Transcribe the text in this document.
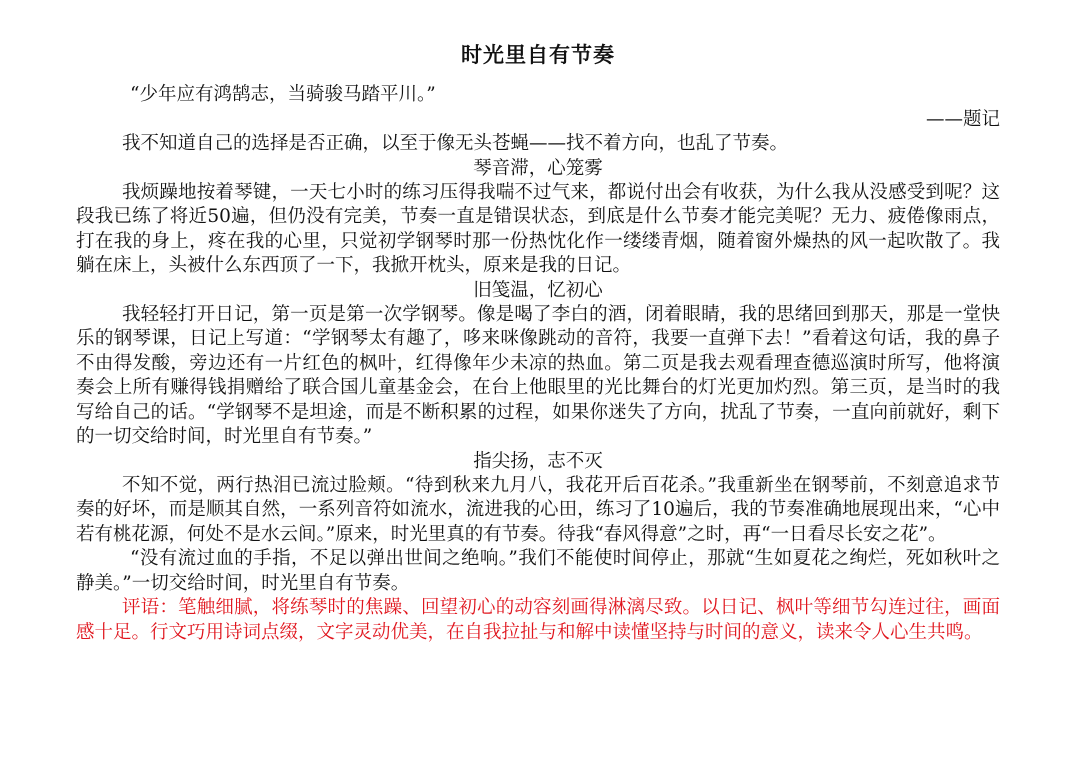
时光里自有节奏

“少年应有鸿鹄志，当骑骏马踏平川。”

——题记

我不知道自己的选择是否正确，以至于像无头苍蝇——找不着方向，也乱了节奏。

琴音滞，心笼雾

我烦躁地按着琴键，一天七小时的练习压得我喘不过气来，都说付出会有收获，为什么我从没感受到呢？这段我已练了将近50遍，但仍没有完美，节奏一直是错误状态，到底是什么节奏才能完美呢？无力、疲倦像雨点，打在我的身上，疼在我的心里，只觉初学钢琴时那一份热忱化作一缕缕青烟，随着窗外燥热的风一起吹散了。我躺在床上，头被什么东西顶了一下，我掀开枕头，原来是我的日记。

旧笺温，忆初心

我轻轻打开日记，第一页是第一次学钢琴。像是喝了李白的酒，闭着眼睛，我的思绪回到那天，那是一堂快乐的钢琴课，日记上写道：“学钢琴太有趣了，哆来咪像跳动的音符，我要一直弹下去！”看着这句话，我的鼻子不由得发酸，旁边还有一片红色的枫叶，红得像年少未凉的热血。第二页是我去观看理查德巡演时所写，他将演奏会上所有赚得钱捐赠给了联合国儿童基金会，在台上他眼里的光比舞台的灯光更加灼烈。第三页，是当时的我写给自己的话。“学钢琴不是坦途，而是不断积累的过程，如果你迷失了方向，扰乱了节奏，一直向前就好，剩下的一切交给时间，时光里自有节奏。”

指尖扬，志不灭

不知不觉，两行热泪已流过脸颊。“待到秋来九月八，我花开后百花杀。”我重新坐在钢琴前，不刻意追求节奏的好坏，而是顺其自然，一系列音符如流水，流进我的心田，练习了10遍后，我的节奏准确地展现出来，“心中若有桃花源，何处不是水云间。”原来，时光里真的有节奏。待我“春风得意”之时，再“一日看尽长安之花”。

“没有流过血的手指，不足以弹出世间之绝响。”我们不能使时间停止，那就“生如夏花之绚烂，死如秋叶之静美。”一切交给时间，时光里自有节奏。

评语：笔触细腻，将练琴时的焦躁、回望初心的动容刻画得淋漓尽致。以日记、枫叶等细节勾连过往，画面感十足。行文巧用诗词点缀，文字灵动优美，在自我拉扯与和解中读懂坚持与时间的意义，读来令人心生共鸣。
